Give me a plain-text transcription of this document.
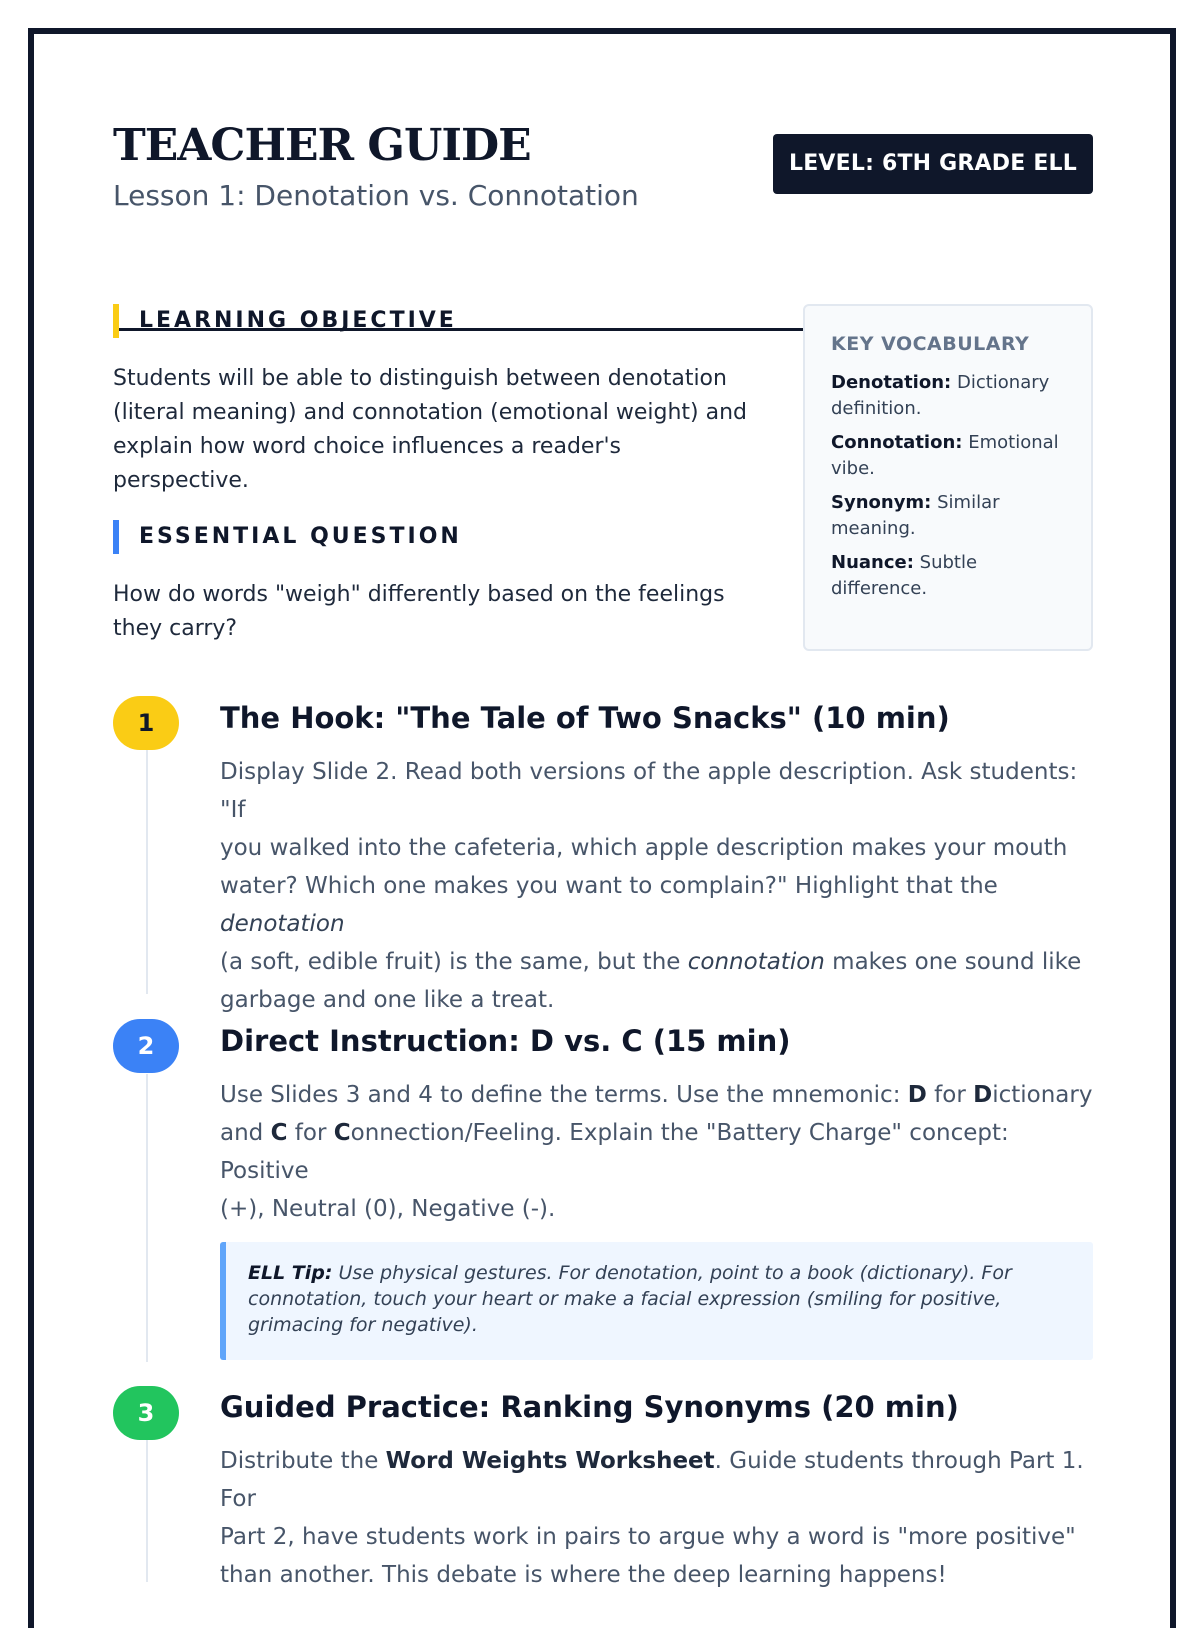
TEACHER GUIDE
Lesson 1: Denotation vs. Connotation
LEVEL: 6TH GRADE ELL
LEARNING OBJECTIVE
Students will be able to distinguish between denotation
(literal meaning) and connotation (emotional weight) and
explain how word choice influences a reader's
perspective.
ESSENTIAL QUESTION
How do words "weigh" differently based on the feelings
they carry?
KEY VOCABULARY
Denotation: Dictionary
definition.
Connotation: Emotional
vibe.
Synonym: Similar
meaning.
Nuance: Subtle
difference.
1	The Hook: "The Tale of Two Snacks" (10 min)
Display Slide 2. Read both versions of the apple description. Ask students: "If
you walked into the cafeteria, which apple description makes your mouth
water? Which one makes you want to complain?" Highlight that the denotation
(a soft, edible fruit) is the same, but the connotation makes one sound like
garbage and one like a treat.
2	Direct Instruction: D vs. C (15 min)
Use Slides 3 and 4 to define the terms. Use the mnemonic: D for Dictionary
and C for Connection/Feeling. Explain the "Battery Charge" concept: Positive
(+), Neutral (0), Negative (-).
ELL Tip: Use physical gestures. For denotation, point to a book (dictionary). For
connotation, touch your heart or make a facial expression (smiling for positive,
grimacing for negative).
3	Guided Practice: Ranking Synonyms (20 min)
Distribute the Word Weights Worksheet. Guide students through Part 1. For
Part 2, have students work in pairs to argue why a word is "more positive"
than another. This debate is where the deep learning happens!
